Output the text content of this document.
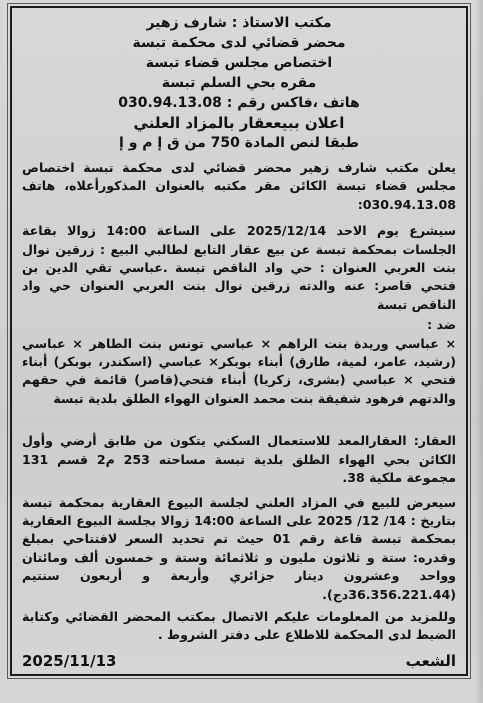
مكتب الاستاذ : شارف زهير
محضر قضائي لدى محكمة تبسة
اختصاص مجلس قضاء تبسة
مقره بحي السلم تبسة
هاتف ،فاكس رقم : 030.94.13.08
اعلان ببيععقار بالمزاد العلني
طبقا لنص المادة 750 من ق إ م و إ

يعلن مكتب شارف زهير محضر قضائي لدى محكمة تبسة اختصاص مجلس قضاء تبسة الكائن مقر مكتبه بالعنوان المذكورأعلاه، هاتف 030.94.13.08:

سيشرع يوم الاحد 2025/12/14 على الساعة 14:00 زوالا بقاعة الجلسات بمحكمة تبسة عن بيع عقار التابع لطالبي البيع : زرقين نوال بنت العربي العنوان : حي واد الناقص تبسة .عباسي تقي الدين بن فتحي قاصر: عنه والدته زرقين نوال بنت العربي العنوان حي واد الناقص تبسة

ضد :

× عباسي وريدة بنت الراهم × عباسي تونس بنت الطاهر × عباسي (رشيد، عامر، لمية، طارق) أبناء بوبكر× عباسي (اسكندر، بوبكر) أبناء فتحي × عباسي (بشرى، زكريا) أبناء فتحي(قاصر) قائمة في حقهم والدتهم فرهود شفيقة بنت محمد العنوان الهواء الطلق بلدية تبسة

العقار: العقارالمعد للاستعمال السكني يتكون من طابق أرضي وأول الكائن بحي الهواء الطلق بلدية تبسة مساحته 253 م2 قسم 131 مجموعة ملكية 38.

سيعرض للبيع في المزاد العلني لجلسة البيوع العقارية بمحكمة تبسة بتاريخ : 14/ 12/ 2025 على الساعة 14:00 زوالا بجلسة البيوع العقارية بمحكمة تبسة قاعة رقم 01 حيث تم تحديد السعر لافتتاحي بمبلغ وقدره: ستة و ثلاثون مليون و ثلاثمائة وستة و خمسون ألف ومائتان وواحد وعشرون دينار جزائري وأربعة و أربعون سنتيم (36.356.221.44دج).

وللمزيد من المعلومات عليكم الاتصال بمكتب المحضر القضائي وكتابة الضبط لدى المحكمة للاطلاع على دفتر الشروط .

الشعب
2025/11/13
